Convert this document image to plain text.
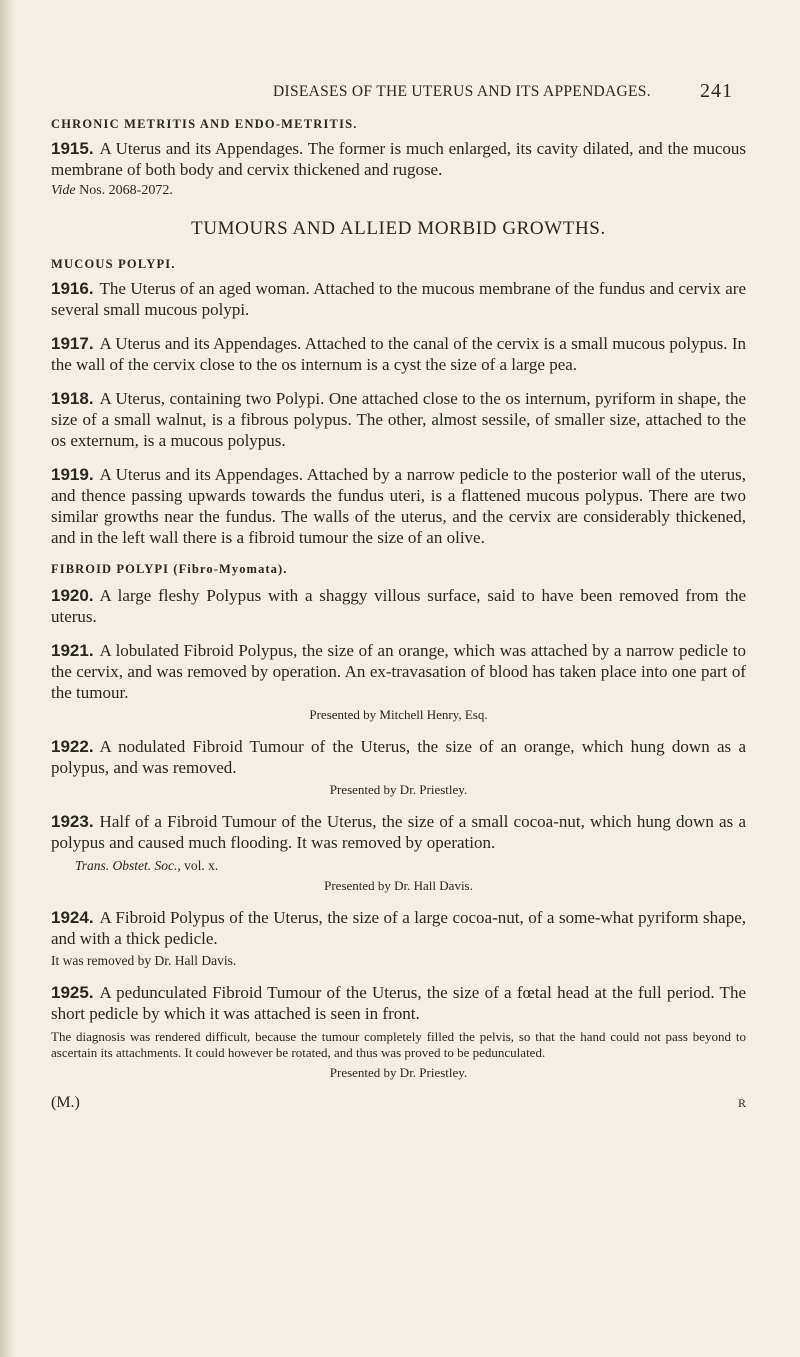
DISEASES OF THE UTERUS AND ITS APPENDAGES. 241
CHRONIC METRITIS AND ENDO-METRITIS.

1915. A Uterus and its Appendages. The former is much enlarged, its cavity dilated, and the mucous membrane of both body and cervix thickened and rugose.

Vide Nos. 2068-2072.
TUMOURS AND ALLIED MORBID GROWTHS.
MUCOUS POLYPI.

1916. The Uterus of an aged woman. Attached to the mucous membrane of the fundus and cervix are several small mucous polypi.

1917. A Uterus and its Appendages. Attached to the canal of the cervix is a small mucous polypus. In the wall of the cervix close to the os internum is a cyst the size of a large pea.

1918. A Uterus, containing two Polypi. One attached close to the os internum, pyriform in shape, the size of a small walnut, is a fibrous polypus. The other, almost sessile, of smaller size, attached to the os externum, is a mucous polypus.

1919. A Uterus and its Appendages. Attached by a narrow pedicle to the posterior wall of the uterus, and thence passing upwards towards the fundus uteri, is a flattened mucous polypus. There are two similar growths near the fundus. The walls of the uterus, and the cervix are considerably thickened, and in the left wall there is a fibroid tumour the size of an olive.

FIBROID POLYPI (Fibro-Myomata).

1920. A large fleshy Polypus with a shaggy villous surface, said to have been removed from the uterus.

1921. A lobulated Fibroid Polypus, the size of an orange, which was attached by a narrow pedicle to the cervix, and was removed by operation. An ex-travasation of blood has taken place into one part of the tumour.

Presented by Mitchell Henry, Esq.

1922. A nodulated Fibroid Tumour of the Uterus, the size of an orange, which hung down as a polypus, and was removed.

Presented by Dr. Priestley.

1923. Half of a Fibroid Tumour of the Uterus, the size of a small cocoa-nut, which hung down as a polypus and caused much flooding. It was removed by operation.

Trans. Obstet. Soc., vol. x.
Presented by Dr. Hall Davis.

1924. A Fibroid Polypus of the Uterus, the size of a large cocoa-nut, of a some-what pyriform shape, and with a thick pedicle.

It was removed by Dr. Hall Davis.

1925. A pedunculated Fibroid Tumour of the Uterus, the size of a fœtal head at the full period. The short pedicle by which it was attached is seen in front.

The diagnosis was rendered difficult, because the tumour completely filled the pelvis, so that the hand could not pass beyond to ascertain its attachments. It could however be rotated, and thus was proved to be pedunculated.
Presented by Dr. Priestley.
(M.)	R
